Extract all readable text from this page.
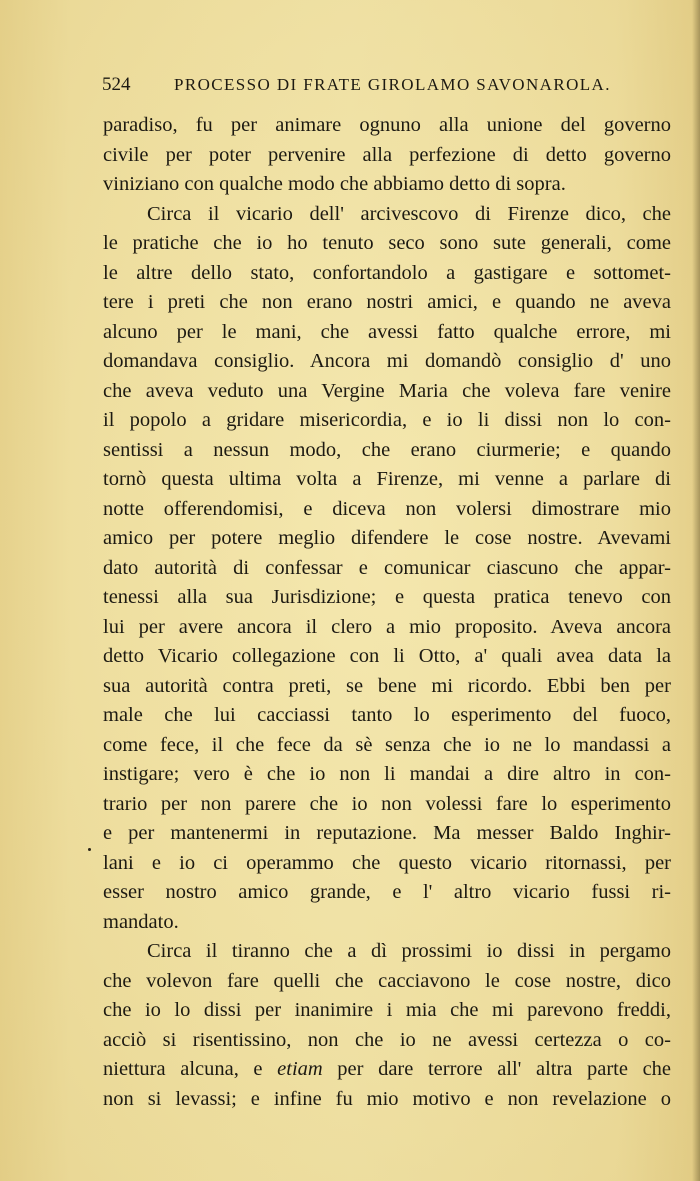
524	PROCESSO DI FRATE GIROLAMO SAVONAROLA.
paradiso, fu per animare ognuno alla unione del governo
civile per poter pervenire alla perfezione di detto governo
viniziano con qualche modo che abbiamo detto di sopra.
Circa il vicario dell' arcivescovo di Firenze dico, che
le pratiche che io ho tenuto seco sono sute generali, come
le altre dello stato, confortandolo a gastigare e sottomet-
tere i preti che non erano nostri amici, e quando ne aveva
alcuno per le mani, che avessi fatto qualche errore, mi
domandava consiglio. Ancora mi domandò consiglio d' uno
che aveva veduto una Vergine Maria che voleva fare venire
il popolo a gridare misericordia, e io li dissi non lo con-
sentissi a nessun modo, che erano ciurmerie; e quando
tornò questa ultima volta a Firenze, mi venne a parlare di
notte offerendomisi, e diceva non volersi dimostrare mio
amico per potere meglio difendere le cose nostre. Avevami
dato autorità di confessar e comunicar ciascuno che appar-
tenessi alla sua Jurisdizione; e questa pratica tenevo con
lui per avere ancora il clero a mio proposito. Aveva ancora
detto Vicario collegazione con li Otto, a' quali avea data la
sua autorità contra preti, se bene mi ricordo. Ebbi ben per
male che lui cacciassi tanto lo esperimento del fuoco,
come fece, il che fece da sè senza che io ne lo mandassi a
instigare; vero è che io non li mandai a dire altro in con-
trario per non parere che io non volessi fare lo esperimento
e per mantenermi in reputazione. Ma messer Baldo Inghir-
lani e io ci operammo che questo vicario ritornassi, per
esser nostro amico grande, e l' altro vicario fussi ri-
mandato.
Circa il tiranno che a dì prossimi io dissi in pergamo
che volevon fare quelli che cacciavono le cose nostre, dico
che io lo dissi per inanimire i mia che mi parevono freddi,
acciò si risentissino, non che io ne avessi certezza o co-
niettura alcuna, e etiam per dare terrore all' altra parte che
non si levassi; e infine fu mio motivo e non revelazione o
